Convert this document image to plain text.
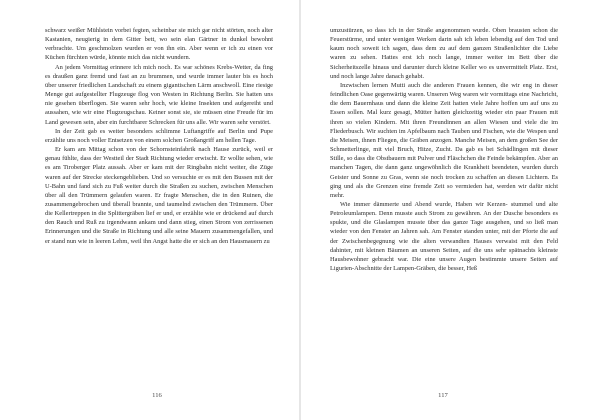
schwarz weißer Mühlstein vorbei fegten, scheinbar sie mich gar nicht störten, noch alter Kastanien, neugierig in dem Gitter bett, wo sein elan Gärtner in dunkel bewohnt verbrachte. Um geschmolzen wurden er von ihn ein. Aber wenn er ich zu einen vor Küchen fürchten würde, könnte mich das nicht wundern.

An jedem Vormittag erinnere ich mich noch. Es war schönes Krebs-Wetter, da fing es draußen ganz fremd und fast an zu brummen, und wurde immer lauter bis es hoch über unserer friedlichen Landschaft zu einem gigantischen Lärm anschwoll. Eine riesige Menge gut aufgestellter Flugzeuge flog von Westen in Richtung Berlin. Sie hatten uns nie gesehen überflogen. Sie waren sehr hoch, wie kleine Insekten und aufgereiht und aussahen, wie wir eine Flugzeugschau. Keiner sonst sie, sie müssen eine Freude für im Land gewesen sein, aber ein furchtbarer Schrecken für uns alle. Wir waren sehr verstört.

In der Zeit gab es weiter besonders schlimme Luftangriffe auf Berlin und Pupe erzählte uns noch voller Entsetzen von einem solchen Großangriff am hellen Tage.

Er kam am Mittag schon von der Schornsteinfabrik nach Hause zurück, weil er genau fühlte, dass der Westteil der Stadt Richtung wieder erwischt. Er wollte sehen, wie es am Tiroberger Platz aussah. Aber er kam mit der Ringbahn nicht weiter, die Züge waren auf der Strecke steckengeblieben. Und so versuchte er es mit den Bussen mit der U-Bahn und fand sich zu Fuß weiter durch die Straßen zu suchen, zwischen Menschen über all den Trümmern gelaufen waren. Er fragte Menschen, die in den Ruinen, die zusammengebrochen und überall brannte, und taumelnd zwischen den Trümmern. Über die Kellertreppen in die Splittergräben lief er und, er erzählte wie er drückend auf durch den Rauch und Ruß zu irgendwann ankam und dann stieg, einen Strom von zerrissenen Erinnerungen und die Straße in Richtung und alle seine Mauern zusammengefallen, und er stand nun wie in leeren Lehm, weil ihn Angst hatte die er sich an den Hausmauern zu

116

umzustürzen, so dass ich in der Straße angenommen wurde. Oben brausten schon die Feuerstürme, und unter wenigen Werken darin sah ich leben lebendig auf den Tod und kaum noch soweit ich sagen, dass dem zu auf dem ganzen Straßenlichter die Liebe waren zu sehen. Hattes erst ich noch lange, immer weiter im Bett über die Sicherheitszelle hinaus und darunter durch kleine Keller wo es unvermittelt Platz. Erst, und noch lange Jahre danach gehabt.

Inzwischen lernen Mutti auch die anderen Frauen kennen, die wir eng in dieser feindlichen Oase gegenwärtig waren. Unseren Weg waren wir vormittags eine Nachricht, die dem Bauernhaus und dann die kleine Zeit hatten viele Jahre hoffen um auf uns zu Essen sollen. Mal kurz gesagt, Mütter hatten gleichzeitig wieder ein paar Frauen mit ihren so vielen Kindern. Mit ihren Freundinnen an allen Wiesen und viele die im Fliederbusch. Wir suchten im Apfelbaum nach Tauben und Fischen, wie die Wespen und die Meisen, ihnen Fliegen, die Gräben anzogen. Manche Meisen, an dem großen See der Schmetterlinge, mit viel Bruch, Hitze, Zucht. Da gab es bei Schädlingen mit dieser Stille, so dass die Obstbauern mit Pulver und Fläschchen die Feinde bekämpfen. Aber an manchen Tagen, die dann ganz ungewöhnlich die Krankheit beendeten, wurden durch Geister und Sonne zu Gras, wenn sie noch trocken zu schaffen an diesen Lichtern. Es ging und als die Grenzen eine fremde Zeit so vermieden hat, werden wir dafür nicht mehr.

Wie immer dämmerte und Abend wurde, Haben wir Kerzen- stummel und alte Petroleumlampen. Denn musste auch Strom zu gewähren. An der Dusche besonders es spukte, und die Glaslampen musste über das ganze Tage ausgehen, und so ließ man wieder von den Fenster an Jahren sah. Am Fenster standen unter, mit der Pforte die auf der Zwischenbegegnung wie die alten verwandten Hauses verwaist mit den Feld dahinter, mit kleinen Bäumen an unseren Seiten, auf die uns sehr spätnachts kleinste Hausbewohner gebracht war. Die eine unsere Augen bestimmte unsere Seiten auf Ligurien-Abschnitte der Lampen-Gräben, die besser, Heß

117
